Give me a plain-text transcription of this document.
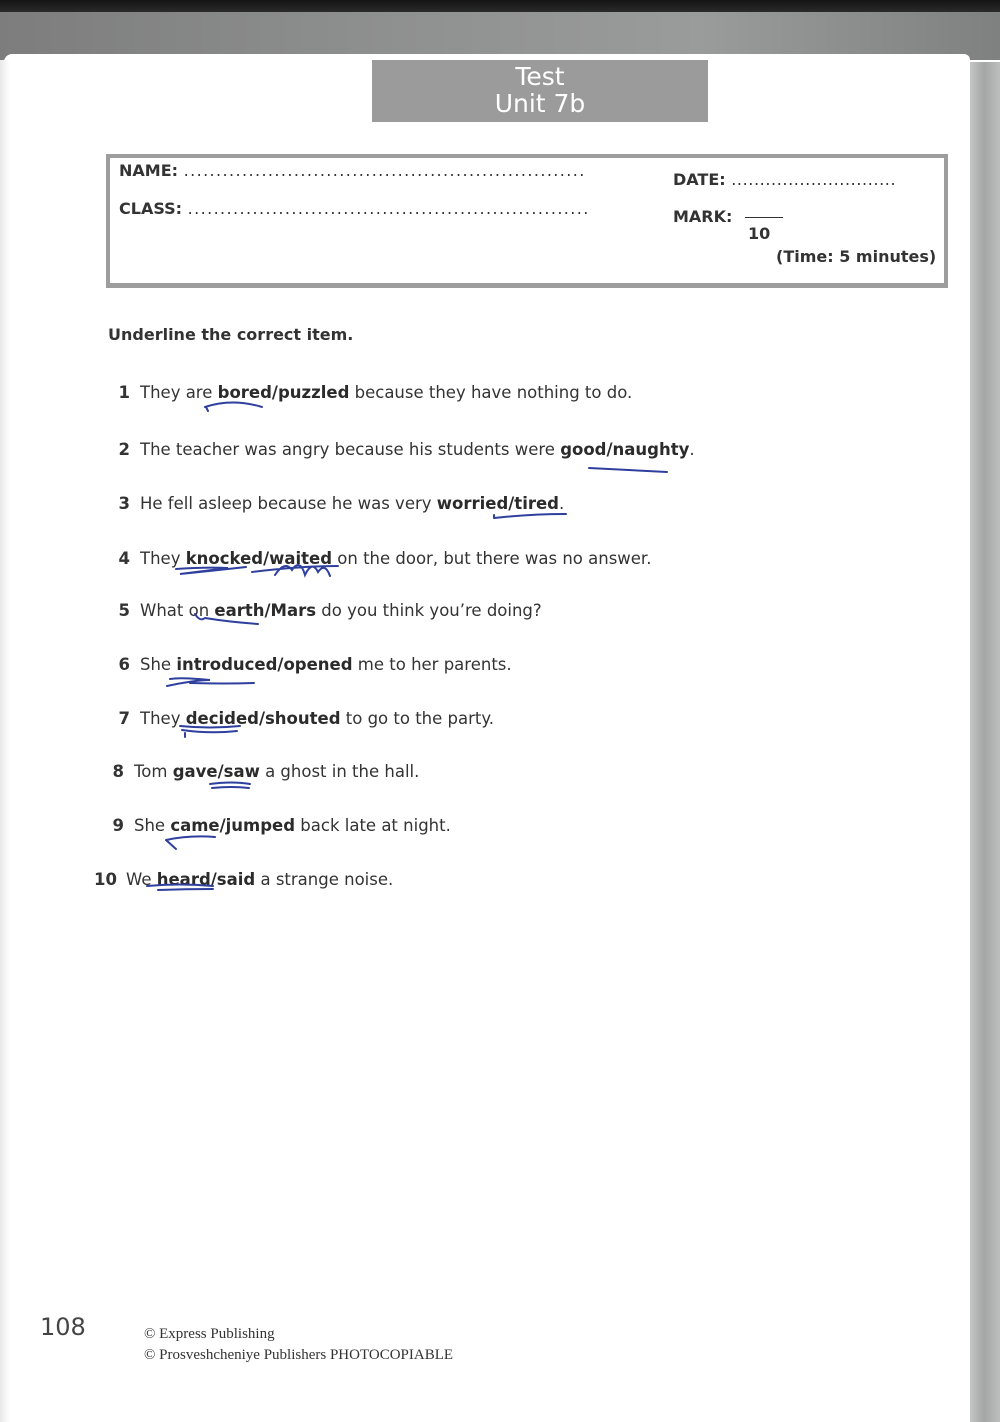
Test
Unit 7b
NAME: ..............................................................
CLASS: ..............................................................
DATE: .............................
MARK:
10
(Time: 5 minutes)
Underline the correct item.
1 They are bored/puzzled because they have nothing to do.
2 The teacher was angry because his students were good/naughty.
3 He fell asleep because he was very worried/tired.
4 They knocked/waited on the door, but there was no answer.
5 What on earth/Mars do you think you’re doing?
6 She introduced/opened me to her parents.
7 They decided/shouted to go to the party.
8 Tom gave/saw a ghost in the hall.
9 She came/jumped back late at night.
10 We heard/said a strange noise.
108	© Express Publishing
© Prosveshcheniye Publishers PHOTOCOPIABLE
